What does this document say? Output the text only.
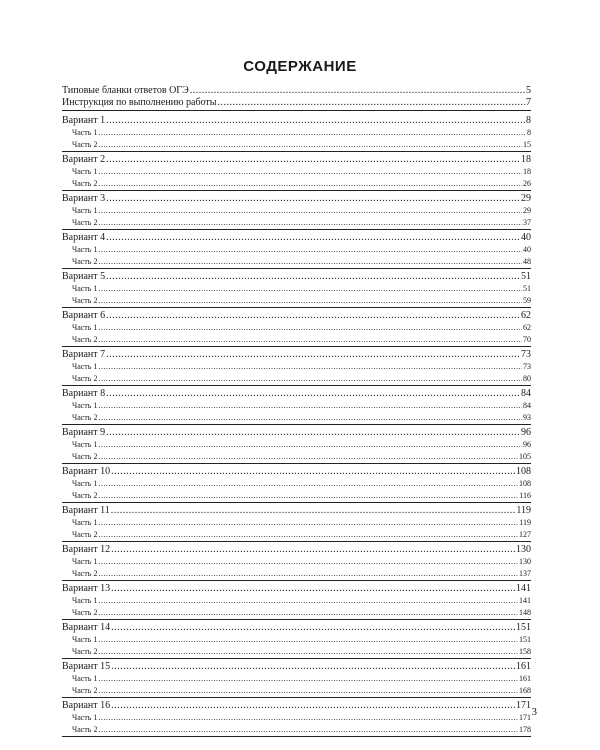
СОДЕРЖАНИЕ
Типовые бланки ответов ОГЭ .....	5
Инструкция по выполнению работы .....	7
Вариант 1 .....	8
Часть 1 .....	8
Часть 2 .....	15
Вариант 2 .....	18
Часть 1 .....	18
Часть 2 .....	26
Вариант 3 .....	29
Часть 1 .....	29
Часть 2 .....	37
Вариант 4 .....	40
Часть 1 .....	40
Часть 2 .....	48
Вариант 5 .....	51
Часть 1 .....	51
Часть 2 .....	59
Вариант 6 .....	62
Часть 1 .....	62
Часть 2 .....	70
Вариант 7 .....	73
Часть 1 .....	73
Часть 2 .....	80
Вариант 8 .....	84
Часть 1 .....	84
Часть 2 .....	93
Вариант 9 .....	96
Часть 1 .....	96
Часть 2 .....	105
Вариант 10 .....	108
Часть 1 .....	108
Часть 2 .....	116
Вариант 11 .....	119
Часть 1 .....	119
Часть 2 .....	127
Вариант 12 .....	130
Часть 1 .....	130
Часть 2 .....	137
Вариант 13 .....	141
Часть 1 .....	141
Часть 2 .....	148
Вариант 14 .....	151
Часть 1 .....	151
Часть 2 .....	158
Вариант 15 .....	161
Часть 1 .....	161
Часть 2 .....	168
Вариант 16 .....	171
Часть 1 .....	171
Часть 2 .....	178
3
